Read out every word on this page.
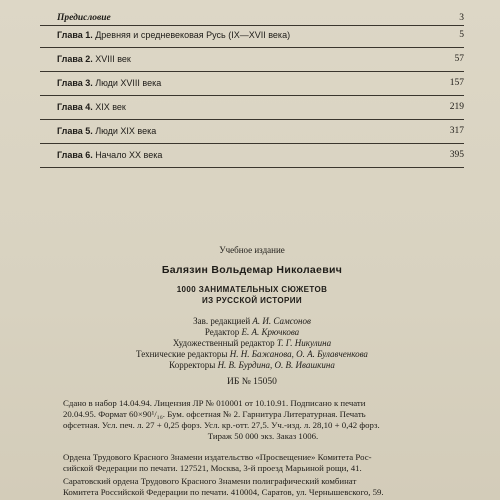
Предисловие	3
Глава 1. Древняя и средневековая Русь (IX—XVII века)	5
Глава 2. XVIII век	57
Глава 3. Люди XVIII века	157
Глава 4. XIX век	219
Глава 5. Люди XIX века	317
Глава 6. Начало XX века	395
Учебное издание
Балязин Вольдемар Николаевич
1000 ЗАНИМАТЕЛЬНЫХ СЮЖЕТОВ
ИЗ РУССКОЙ ИСТОРИИ
Зав. редакцией А. И. Самсонов
Редактор Е. А. Крючкова
Художественный редактор Т. Г. Никулина
Технические редакторы Н. Н. Бажанова, О. А. Булавченкова
Корректоры Н. В. Бурдина, О. В. Ивашкина
ИБ № 15050
Сдано в набор 14.04.94. Лицензия ЛР № 010001 от 10.10.91. Подписано к печати
20.04.95. Формат 60×90¹/₁₆. Бум. офсетная № 2. Гарнитура Литературная. Печать
офсетная. Усл. печ. л. 27 + 0,25 форз. Усл. кр.-отт. 27,5. Уч.-изд. л. 28,10 + 0,42 форз.
Тираж 50 000 экз. Заказ 1006.
Ордена Трудового Красного Знамени издательство «Просвещение» Комитета Рос-
сийской Федерации по печати. 127521, Москва, 3-й проезд Марьиной рощи, 41.
Саратовский ордена Трудового Красного Знамени полиграфический комбинат
Комитета Российской Федерации по печати. 410004, Саратов, ул. Чернышевского, 59.
